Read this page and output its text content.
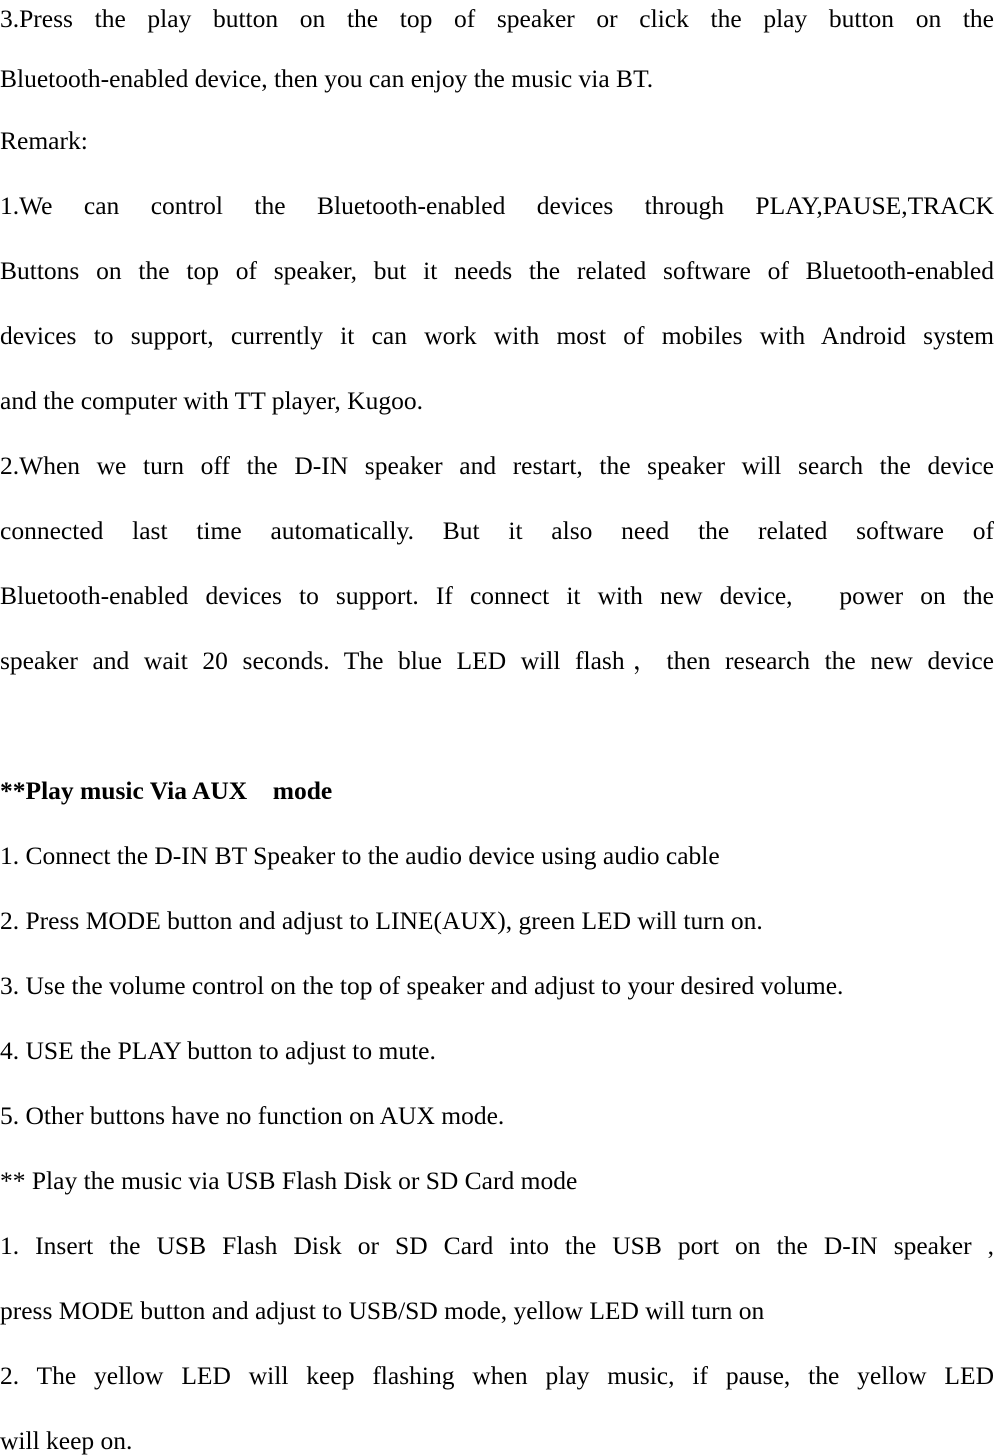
3.Press the play button on the top of speaker or click the play button on the
Bluetooth-enabled device, then you can enjoy the music via BT.
Remark:
1.We can control the Bluetooth-enabled devices through PLAY,PAUSE,TRACK
Buttons on the top of speaker, but it needs the related software of Bluetooth-enabled
devices to support, currently it can work with most of mobiles with Android system
and the computer with TT player, Kugoo.
2.When we turn off the D-IN speaker and restart, the speaker will search the device
connected last time automatically. But it also need the related software of
Bluetooth-enabled devices to support. If connect it with new device,　power on the
speaker and wait 20 seconds. The blue LED will flash，then research the new device
**Play music Via AUX　mode
1. Connect the D-IN BT Speaker to the audio device using audio cable
2. Press MODE button and adjust to LINE(AUX), green LED will turn on.
3. Use the volume control on the top of speaker and adjust to your desired volume.
4. USE the PLAY button to adjust to mute.
5. Other buttons have no function on AUX mode.
** Play the music via USB Flash Disk or SD Card mode
1. Insert the USB Flash Disk or SD Card into the USB port on the D-IN speaker ,
press MODE button and adjust to USB/SD mode, yellow LED will turn on
2. The yellow LED will keep flashing when play music, if pause, the yellow LED
will keep on.
